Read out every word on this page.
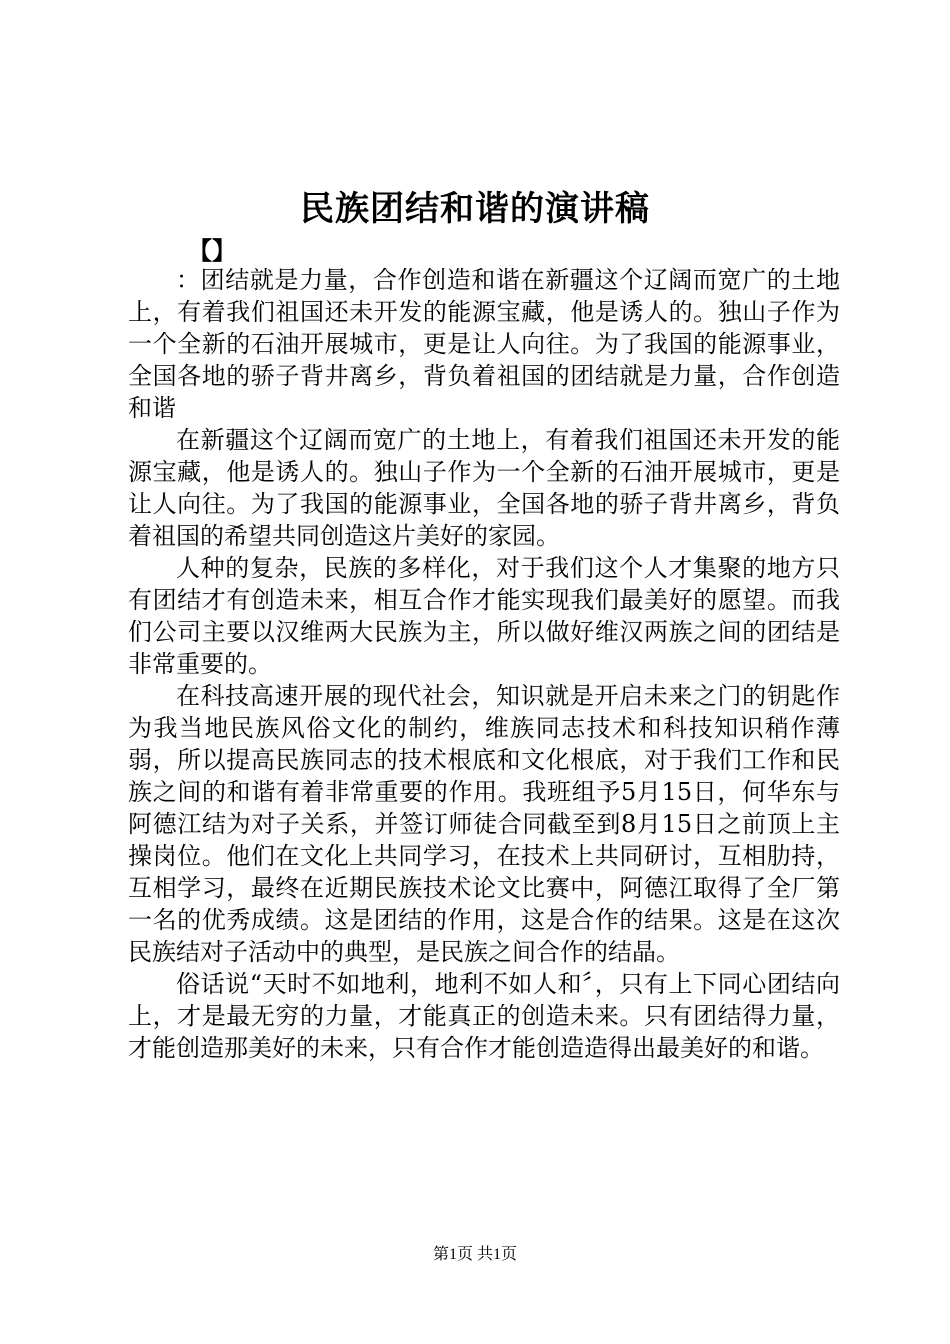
民族团结和谐的演讲稿
【】

：团结就是力量，合作创造和谐在新疆这个辽阔而宽广的土地上，有着我们祖国还未开发的能源宝藏，他是诱人的。独山子作为一个全新的石油开展城市，更是让人向往。为了我国的能源事业，全国各地的骄子背井离乡，背负着祖国的团结就是力量，合作创造和谐

在新疆这个辽阔而宽广的土地上，有着我们祖国还未开发的能源宝藏，他是诱人的。独山子作为一个全新的石油开展城市，更是让人向往。为了我国的能源事业，全国各地的骄子背井离乡，背负着祖国的希望共同创造这片美好的家园。

人种的复杂，民族的多样化，对于我们这个人才集聚的地方只有团结才有创造未来，相互合作才能实现我们最美好的愿望。而我们公司主要以汉维两大民族为主，所以做好维汉两族之间的团结是非常重要的。

在科技高速开展的现代社会，知识就是开启未来之门的钥匙作为我当地民族风俗文化的制约，维族同志技术和科技知识稍作薄弱，所以提高民族同志的技术根底和文化根底，对于我们工作和民族之间的和谐有着非常重要的作用。我班组予5月15日，何华东与阿德江结为对子关系，并签订师徒合同截至到8月15日之前顶上主操岗位。他们在文化上共同学习，在技术上共同研讨，互相肋持，互相学习，最终在近期民族技术论文比赛中，阿德江取得了全厂第一名的优秀成绩。这是团结的作用，这是合作的结果。这是在这次民族结对子活动中的典型，是民族之间合作的结晶。

俗话说“天时不如地利，地利不如人和〞，只有上下同心团结向上，才是最无穷的力量，才能真正的创造未来。只有团结得力量，才能创造那美好的未来，只有合作才能创造造得出最美好的和谐。

第1页 共1页
